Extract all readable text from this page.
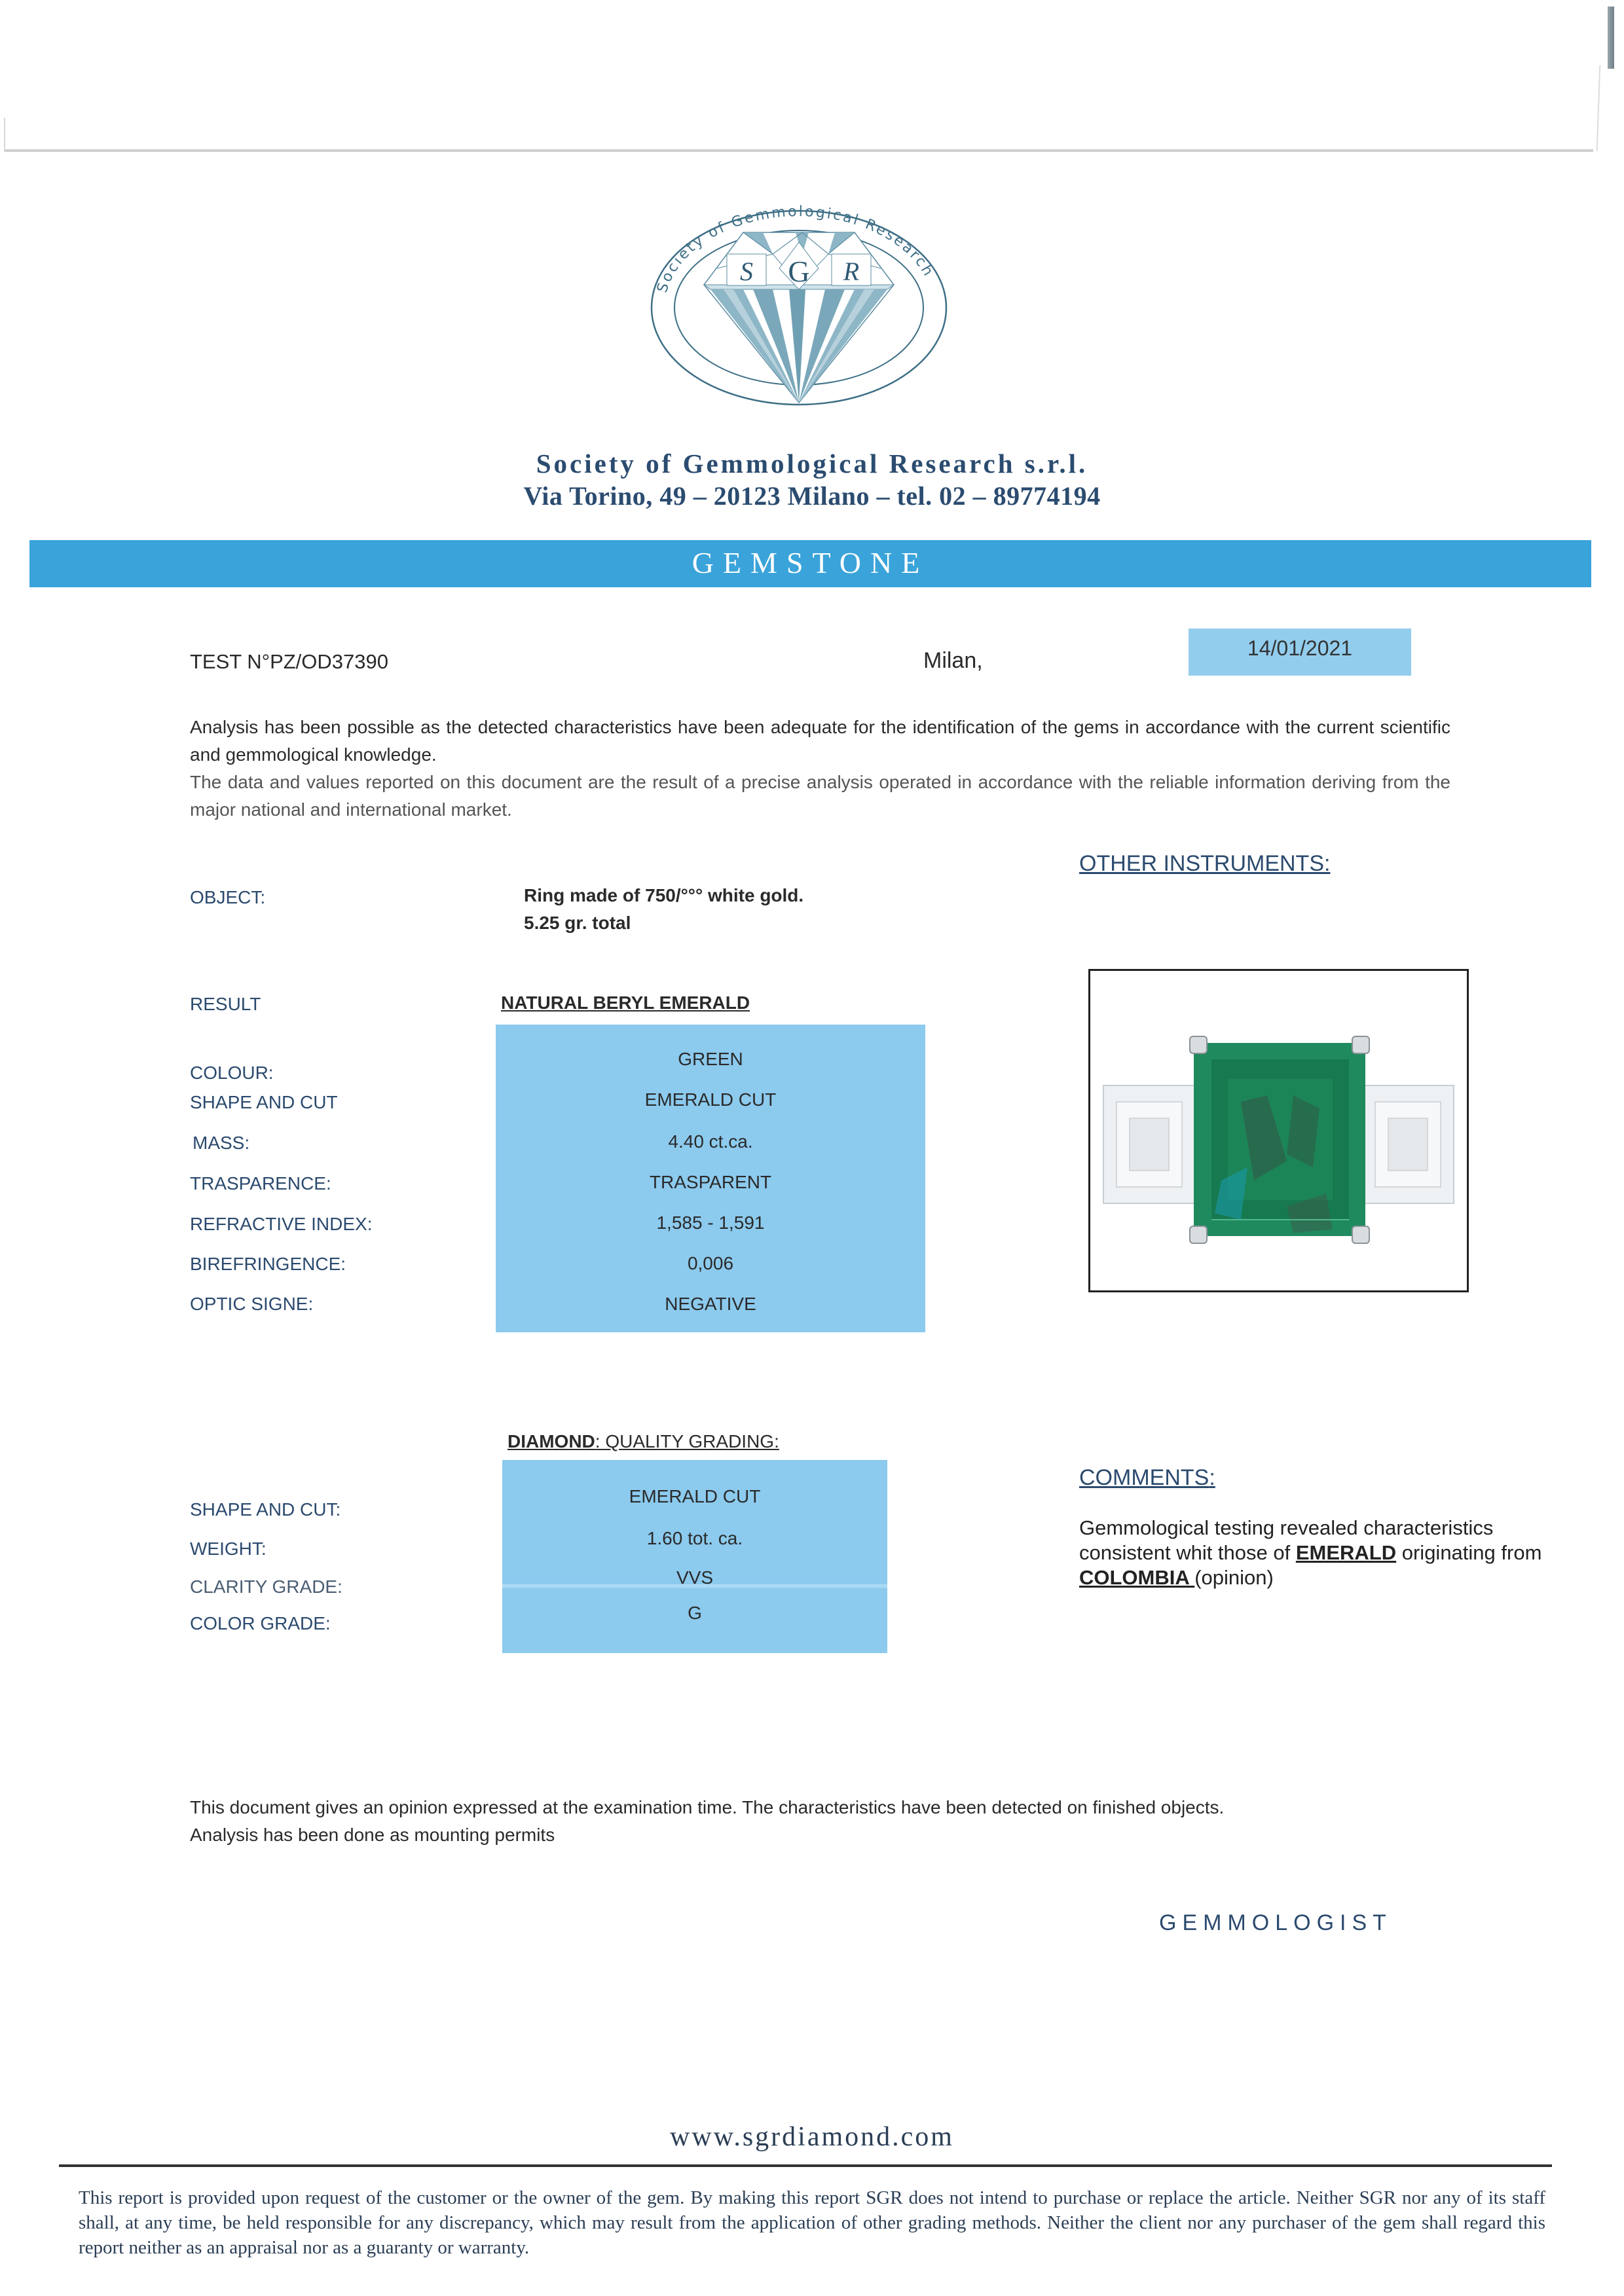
Society of Gemmological Research
S G R
Society of Gemmological Research s.r.l.
Via Torino, 49 – 20123 Milano – tel. 02 – 89774194
GEMSTONE
TEST N°PZ/OD37390	Milan,	14/01/2021

Analysis has been possible as the detected characteristics have been adequate for the identification of the gems in accordance with the current scientific and gemmological knowledge.

The data and values reported on this document are the result of a precise analysis operated in accordance with the reliable information deriving from the major national and international market.

OTHER INSTRUMENTS:
OBJECT:	Ring made of 750/°°° white gold.
5.25 gr. total
RESULT	NATURAL BERYL EMERALD
COLOUR:
GREEN
SHAPE AND CUT	EMERALD CUT
MASS:	4.40 ct.ca.
TRASPARENCE:	TRASPARENT
REFRACTIVE INDEX:	1,585 - 1,591
BIREFRINGENCE:	0,006
OPTIC SIGNE:	NEGATIVE
DIAMOND: QUALITY GRADING:
SHAPE AND CUT:
EMERALD CUT
WEIGHT:
1.60 tot. ca.
CLARITY GRADE:	VVS
COLOR GRADE:
G
COMMENTS:
Gemmological testing revealed characteristics consistent whit those of EMERALD originating from COLOMBIA (opinion)

This document gives an opinion expressed at the examination time. The characteristics have been detected on finished objects.

Analysis has been done as mounting permits

GEMMOLOGIST
www.sgrdiamond.com

This report is provided upon request of the customer or the owner of the gem. By making this report SGR does not intend to purchase or replace the article. Neither SGR nor any of its staff shall, at any time, be held responsible for any discrepancy, which may result from the application of other grading methods. Neither the client nor any purchaser of the gem shall regard this report neither as an appraisal nor as a guaranty or warranty.
